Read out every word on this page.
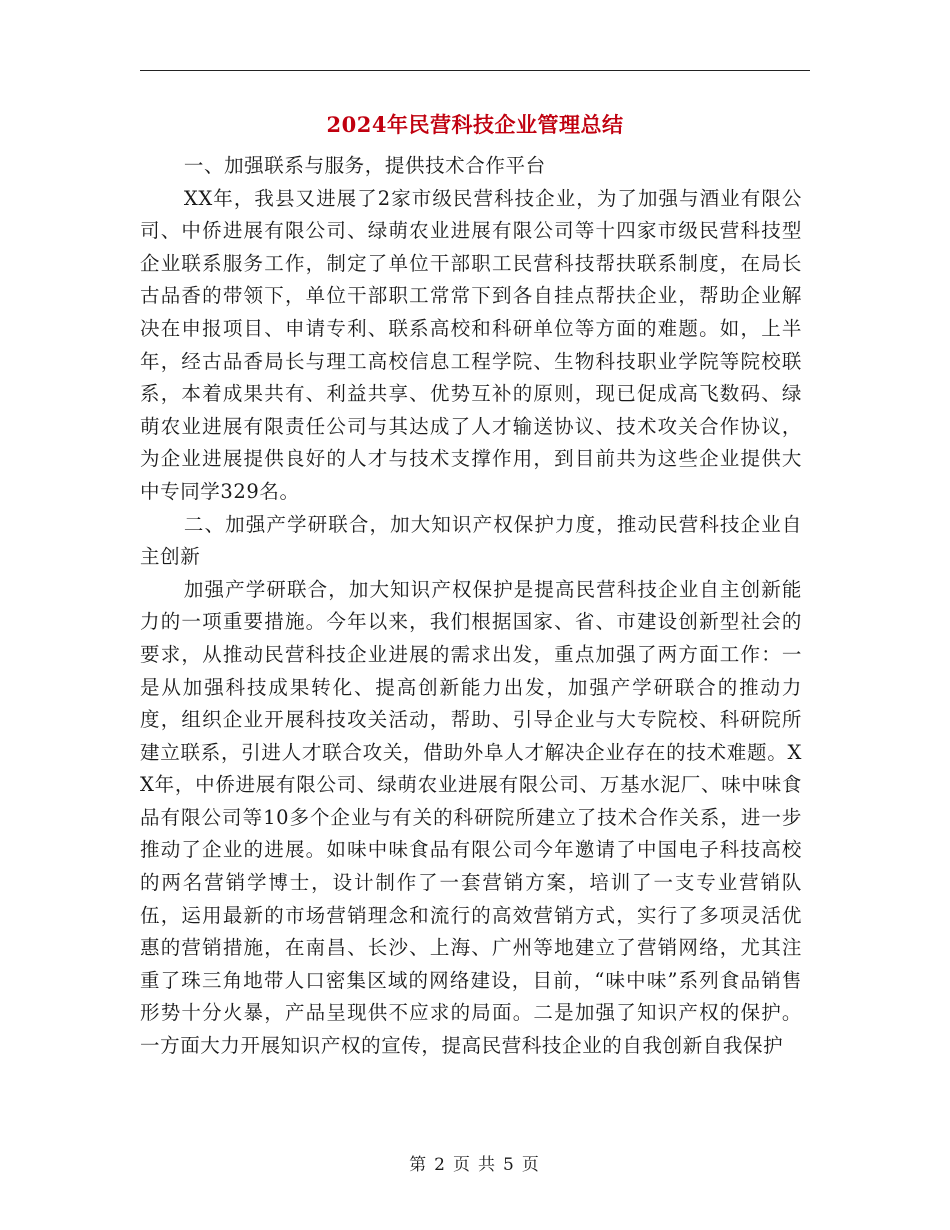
2024年民营科技企业管理总结

一、加强联系与服务，提供技术合作平台

XX年，我县又进展了2家市级民营科技企业，为了加强与酒业有限公司、中侨进展有限公司、绿萌农业进展有限公司等十四家市级民营科技型企业联系服务工作，制定了单位干部职工民营科技帮扶联系制度，在局长古品香的带领下，单位干部职工常常下到各自挂点帮扶企业，帮助企业解决在申报项目、申请专利、联系高校和科研单位等方面的难题。如，上半年，经古品香局长与理工高校信息工程学院、生物科技职业学院等院校联系，本着成果共有、利益共享、优势互补的原则，现已促成高飞数码、绿萌农业进展有限责任公司与其达成了人才输送协议、技术攻关合作协议，为企业进展提供良好的人才与技术支撑作用，到目前共为这些企业提供大中专同学329名。

二、加强产学研联合，加大知识产权保护力度，推动民营科技企业自主创新

加强产学研联合，加大知识产权保护是提高民营科技企业自主创新能力的一项重要措施。今年以来，我们根据国家、省、市建设创新型社会的要求，从推动民营科技企业进展的需求出发，重点加强了两方面工作：一是从加强科技成果转化、提高创新能力出发，加强产学研联合的推动力度，组织企业开展科技攻关活动，帮助、引导企业与大专院校、科研院所建立联系，引进人才联合攻关，借助外阜人才解决企业存在的技术难题。XX年，中侨进展有限公司、绿萌农业进展有限公司、万基水泥厂、味中味食品有限公司等10多个企业与有关的科研院所建立了技术合作关系，进一步推动了企业的进展。如味中味食品有限公司今年邀请了中国电子科技高校的两名营销学博士，设计制作了一套营销方案，培训了一支专业营销队伍，运用最新的市场营销理念和流行的高效营销方式，实行了多项灵活优惠的营销措施，在南昌、长沙、上海、广州等地建立了营销网络，尤其注重了珠三角地带人口密集区域的网络建设，目前，“味中味”系列食品销售形势十分火暴，产品呈现供不应求的局面。二是加强了知识产权的保护。一方面大力开展知识产权的宣传，提高民营科技企业的自我创新自我保护

第 2 页 共 5 页
